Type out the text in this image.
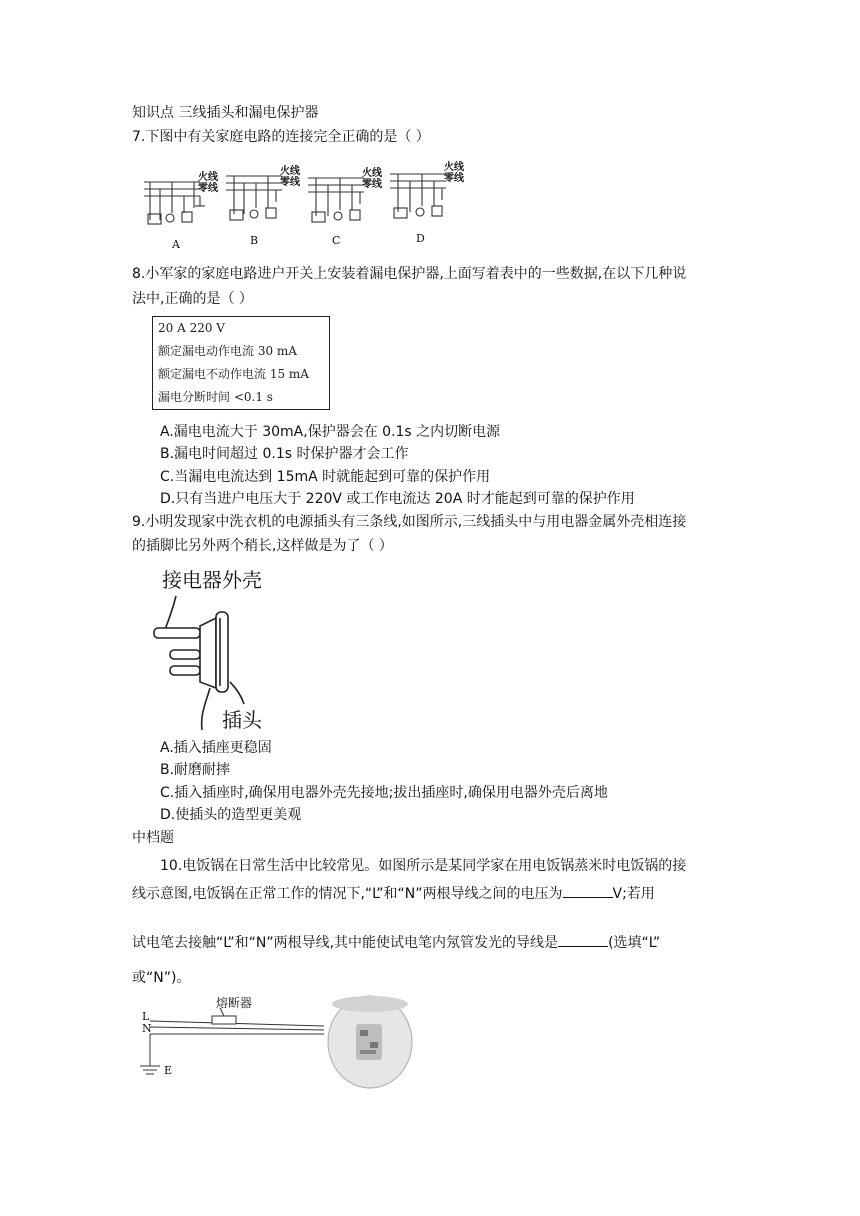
知识点 三线插头和漏电保护器
7.下图中有关家庭电路的连接完全正确的是（ ）
火线
零线
火线
零线
火线
零线
火线
零线
A	B	C	D
8.小军家的家庭电路进户开关上安装着漏电保护器,上面写着表中的一些数据,在以下几种说
法中,正确的是（ ）
20 A 220 V
额定漏电动作电流 30 mA
额定漏电不动作电流 15 mA
漏电分断时间 <0.1 s
A.漏电电流大于 30mA,保护器会在 0.1s 之内切断电源
B.漏电时间超过 0.1s 时保护器才会工作
C.当漏电电流达到 15mA 时就能起到可靠的保护作用
D.只有当进户电压大于 220V 或工作电流达 20A 时才能起到可靠的保护作用
9.小明发现家中洗衣机的电源插头有三条线,如图所示,三线插头中与用电器金属外壳相连接
的插脚比另外两个稍长,这样做是为了（ ）
接电器外壳
插头
A.插入插座更稳固
B.耐磨耐摔
C.插入插座时,确保用电器外壳先接地;拔出插座时,确保用电器外壳后离地
D.使插头的造型更美观
中档题
10.电饭锅在日常生活中比较常见。如图所示是某同学家在用电饭锅蒸米时电饭锅的接
线示意图,电饭锅在正常工作的情况下,“L”和“N”两根导线之间的电压为	V;若用
试电笔去接触“L”和“N”两根导线,其中能使试电笔内氖管发光的导线是	(选填“L”
或“N”)。
熔断器
L
N
E
